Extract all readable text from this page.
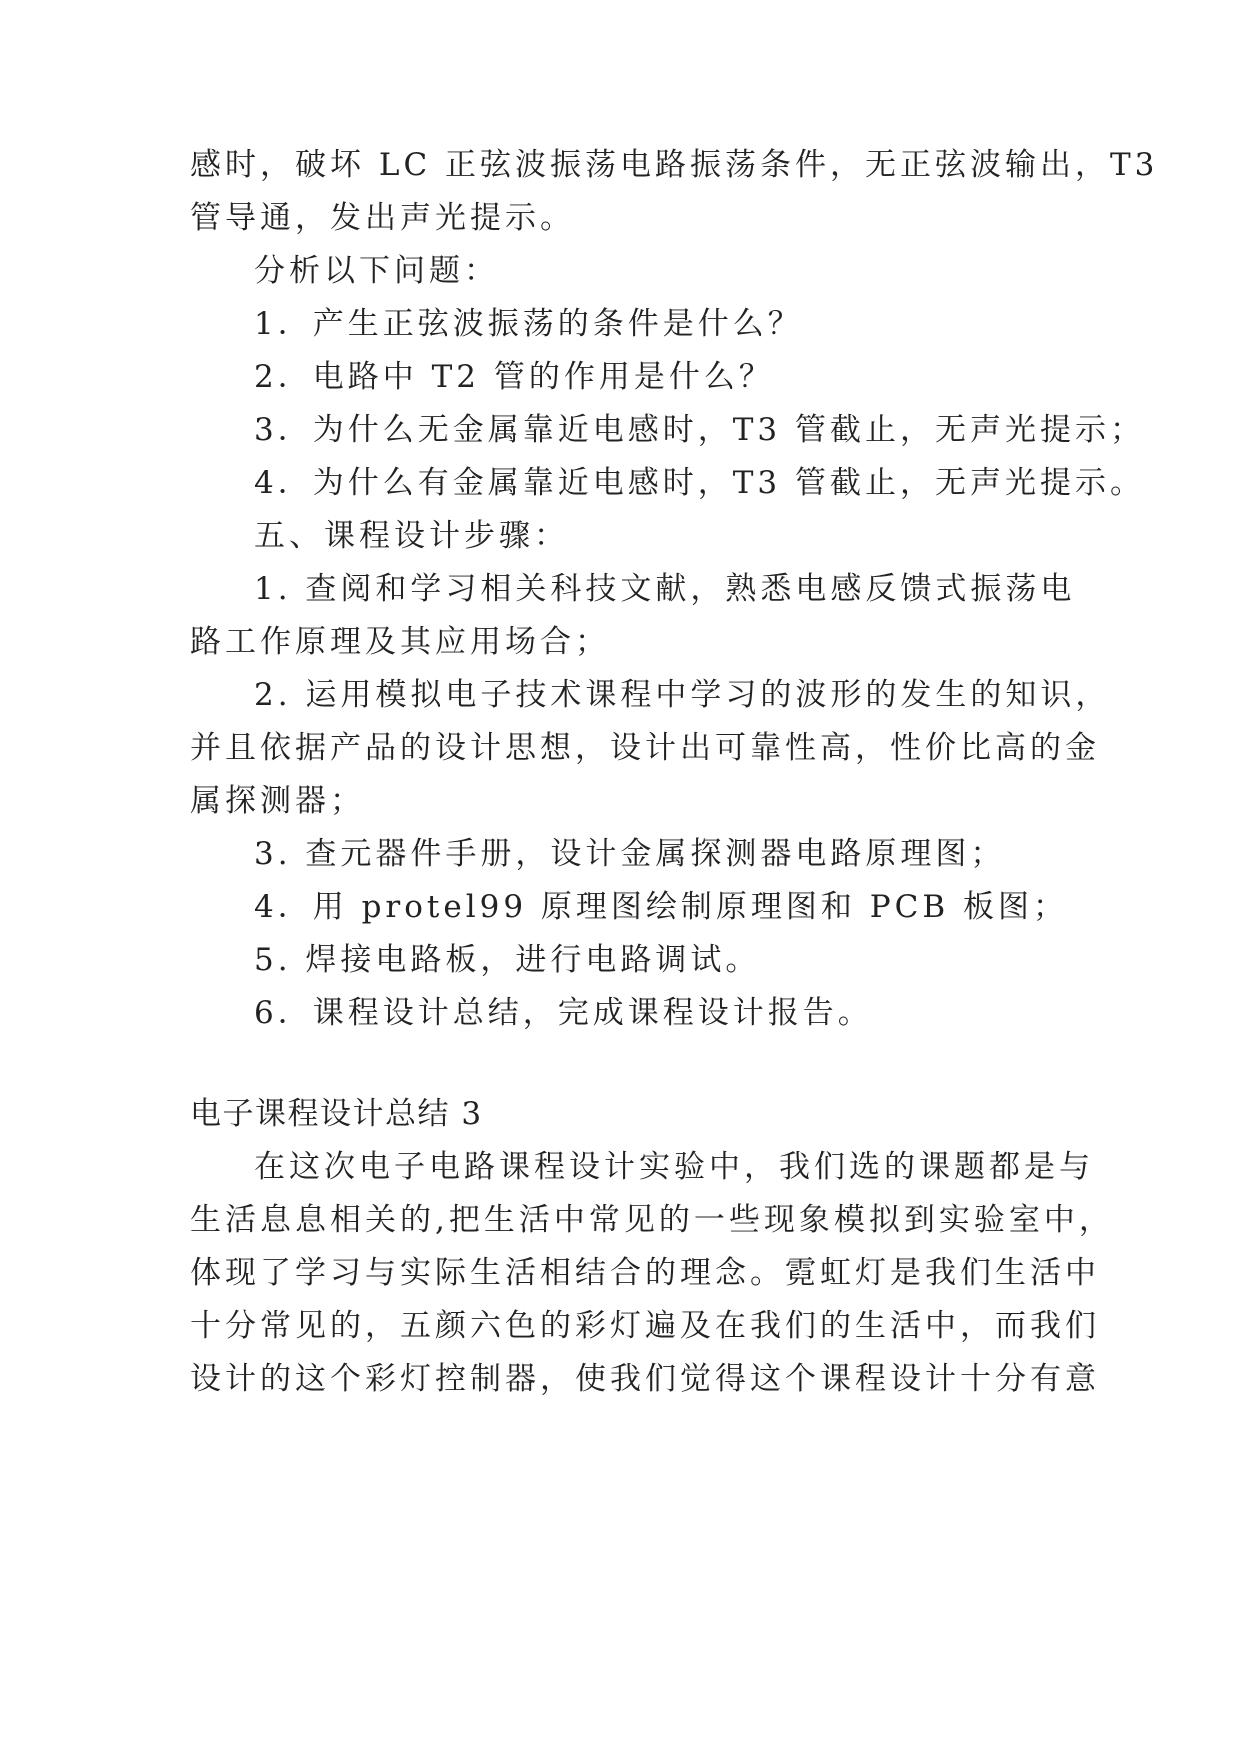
感时，破坏 LC 正弦波振荡电路振荡条件，无正弦波输出，T3
管导通，发出声光提示。
分析以下问题：
1．产生正弦波振荡的条件是什么？
2．电路中 T2 管的作用是什么？
3．为什么无金属靠近电感时，T3 管截止，无声光提示；
4．为什么有金属靠近电感时，T3 管截止，无声光提示。
五、课程设计步骤：
1. 查阅和学习相关科技文献，熟悉电感反馈式振荡电
路工作原理及其应用场合；
2. 运用模拟电子技术课程中学习的波形的发生的知识，
并且依据产品的设计思想，设计出可靠性高，性价比高的金
属探测器；
3. 查元器件手册，设计金属探测器电路原理图；
4．用 protel99 原理图绘制原理图和 PCB 板图；
5. 焊接电路板，进行电路调试。
6．课程设计总结，完成课程设计报告。
电子课程设计总结 3
在这次电子电路课程设计实验中，我们选的课题都是与
生活息息相关的,把生活中常见的一些现象模拟到实验室中，
体现了学习与实际生活相结合的理念。霓虹灯是我们生活中
十分常见的，五颜六色的彩灯遍及在我们的生活中，而我们
设计的这个彩灯控制器，使我们觉得这个课程设计十分有意
